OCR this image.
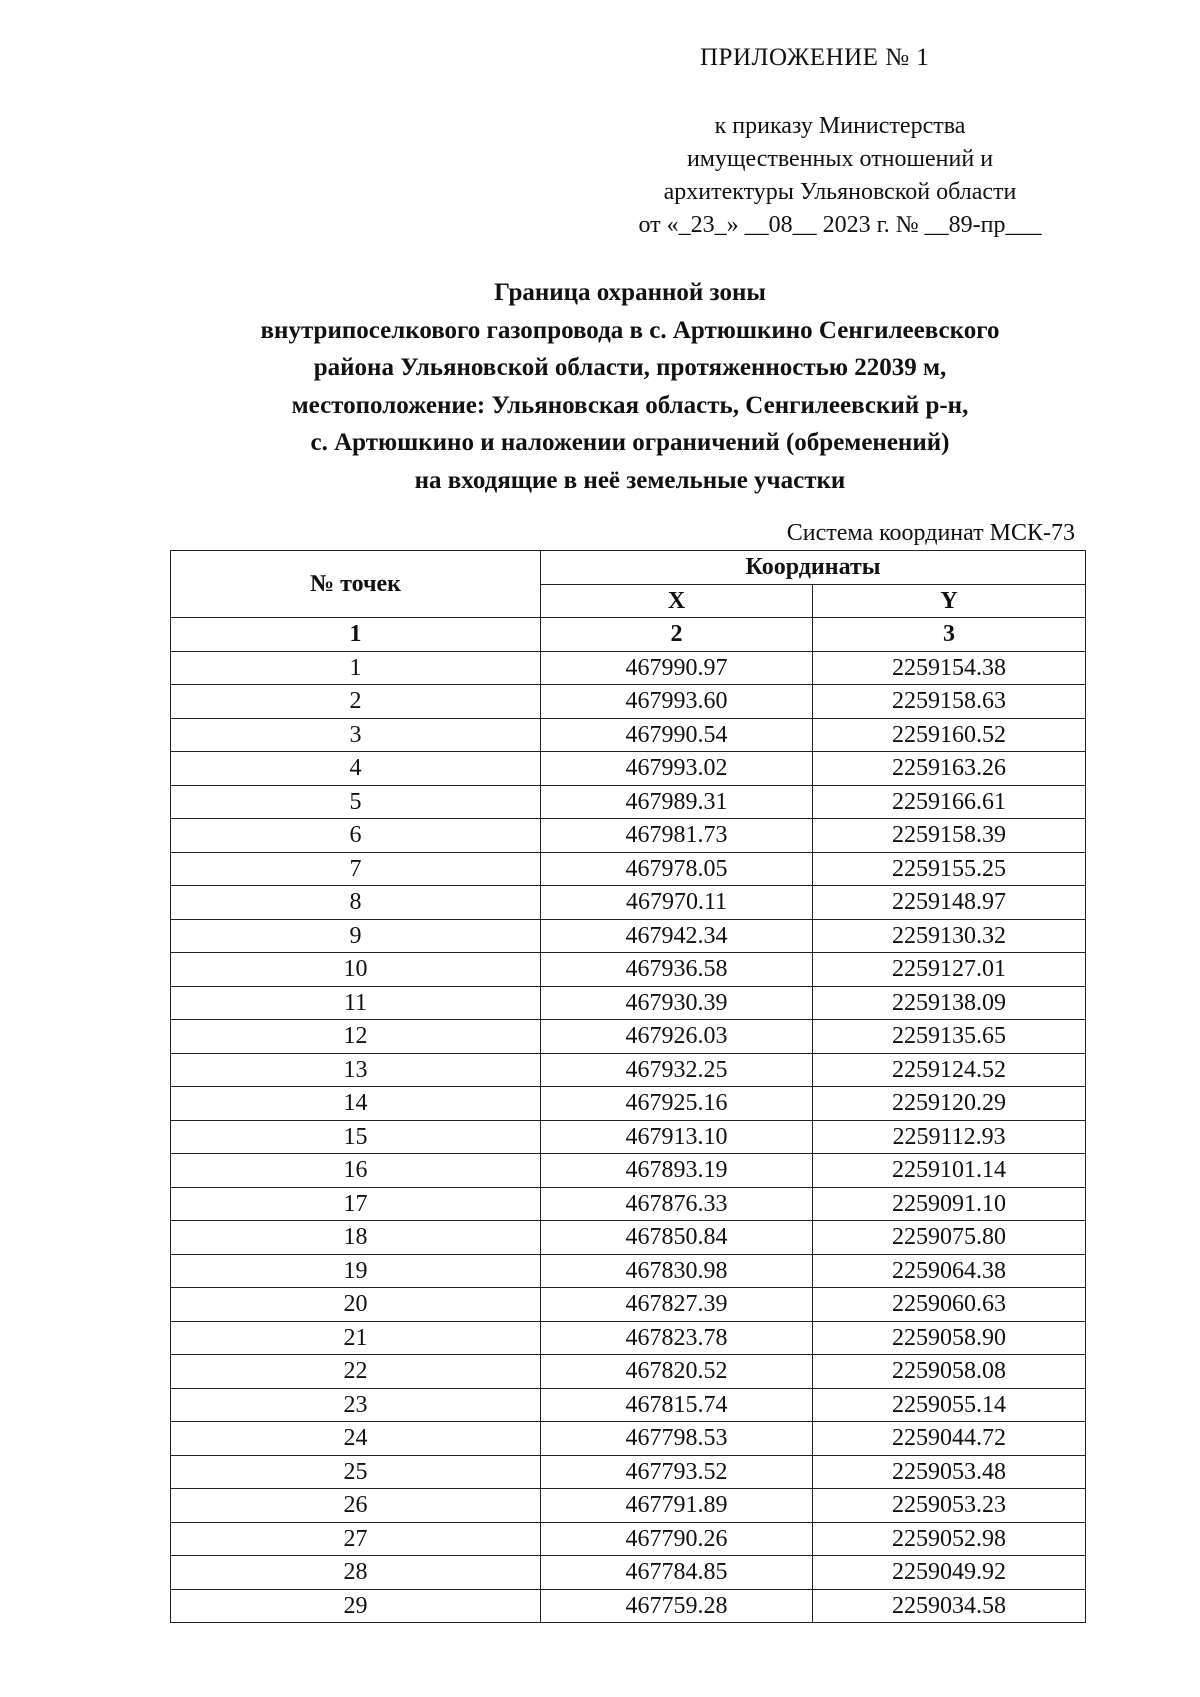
ПРИЛОЖЕНИЕ № 1
к приказу Министерства
имущественных отношений и
архитектуры Ульяновской области
от «_23_» __08__ 2023 г. № __89-пр___
Граница охранной зоны
внутрипоселкового газопровода в с. Артюшкино Сенгилеевского
района Ульяновской области, протяженностью 22039 м,
местоположение: Ульяновская область, Сенгилеевский р-н,
с. Артюшкино и наложении ограничений (обременений)
на входящие в неё земельные участки
Система координат МСК-73
№ точек	Координаты	
	X	Y
1	2	3
1	467990.97	2259154.38
2	467993.60	2259158.63
3	467990.54	2259160.52
4	467993.02	2259163.26
5	467989.31	2259166.61
6	467981.73	2259158.39
7	467978.05	2259155.25
8	467970.11	2259148.97
9	467942.34	2259130.32
10	467936.58	2259127.01
11	467930.39	2259138.09
12	467926.03	2259135.65
13	467932.25	2259124.52
14	467925.16	2259120.29
15	467913.10	2259112.93
16	467893.19	2259101.14
17	467876.33	2259091.10
18	467850.84	2259075.80
19	467830.98	2259064.38
20	467827.39	2259060.63
21	467823.78	2259058.90
22	467820.52	2259058.08
23	467815.74	2259055.14
24	467798.53	2259044.72
25	467793.52	2259053.48
26	467791.89	2259053.23
27	467790.26	2259052.98
28	467784.85	2259049.92
29	467759.28	2259034.58
